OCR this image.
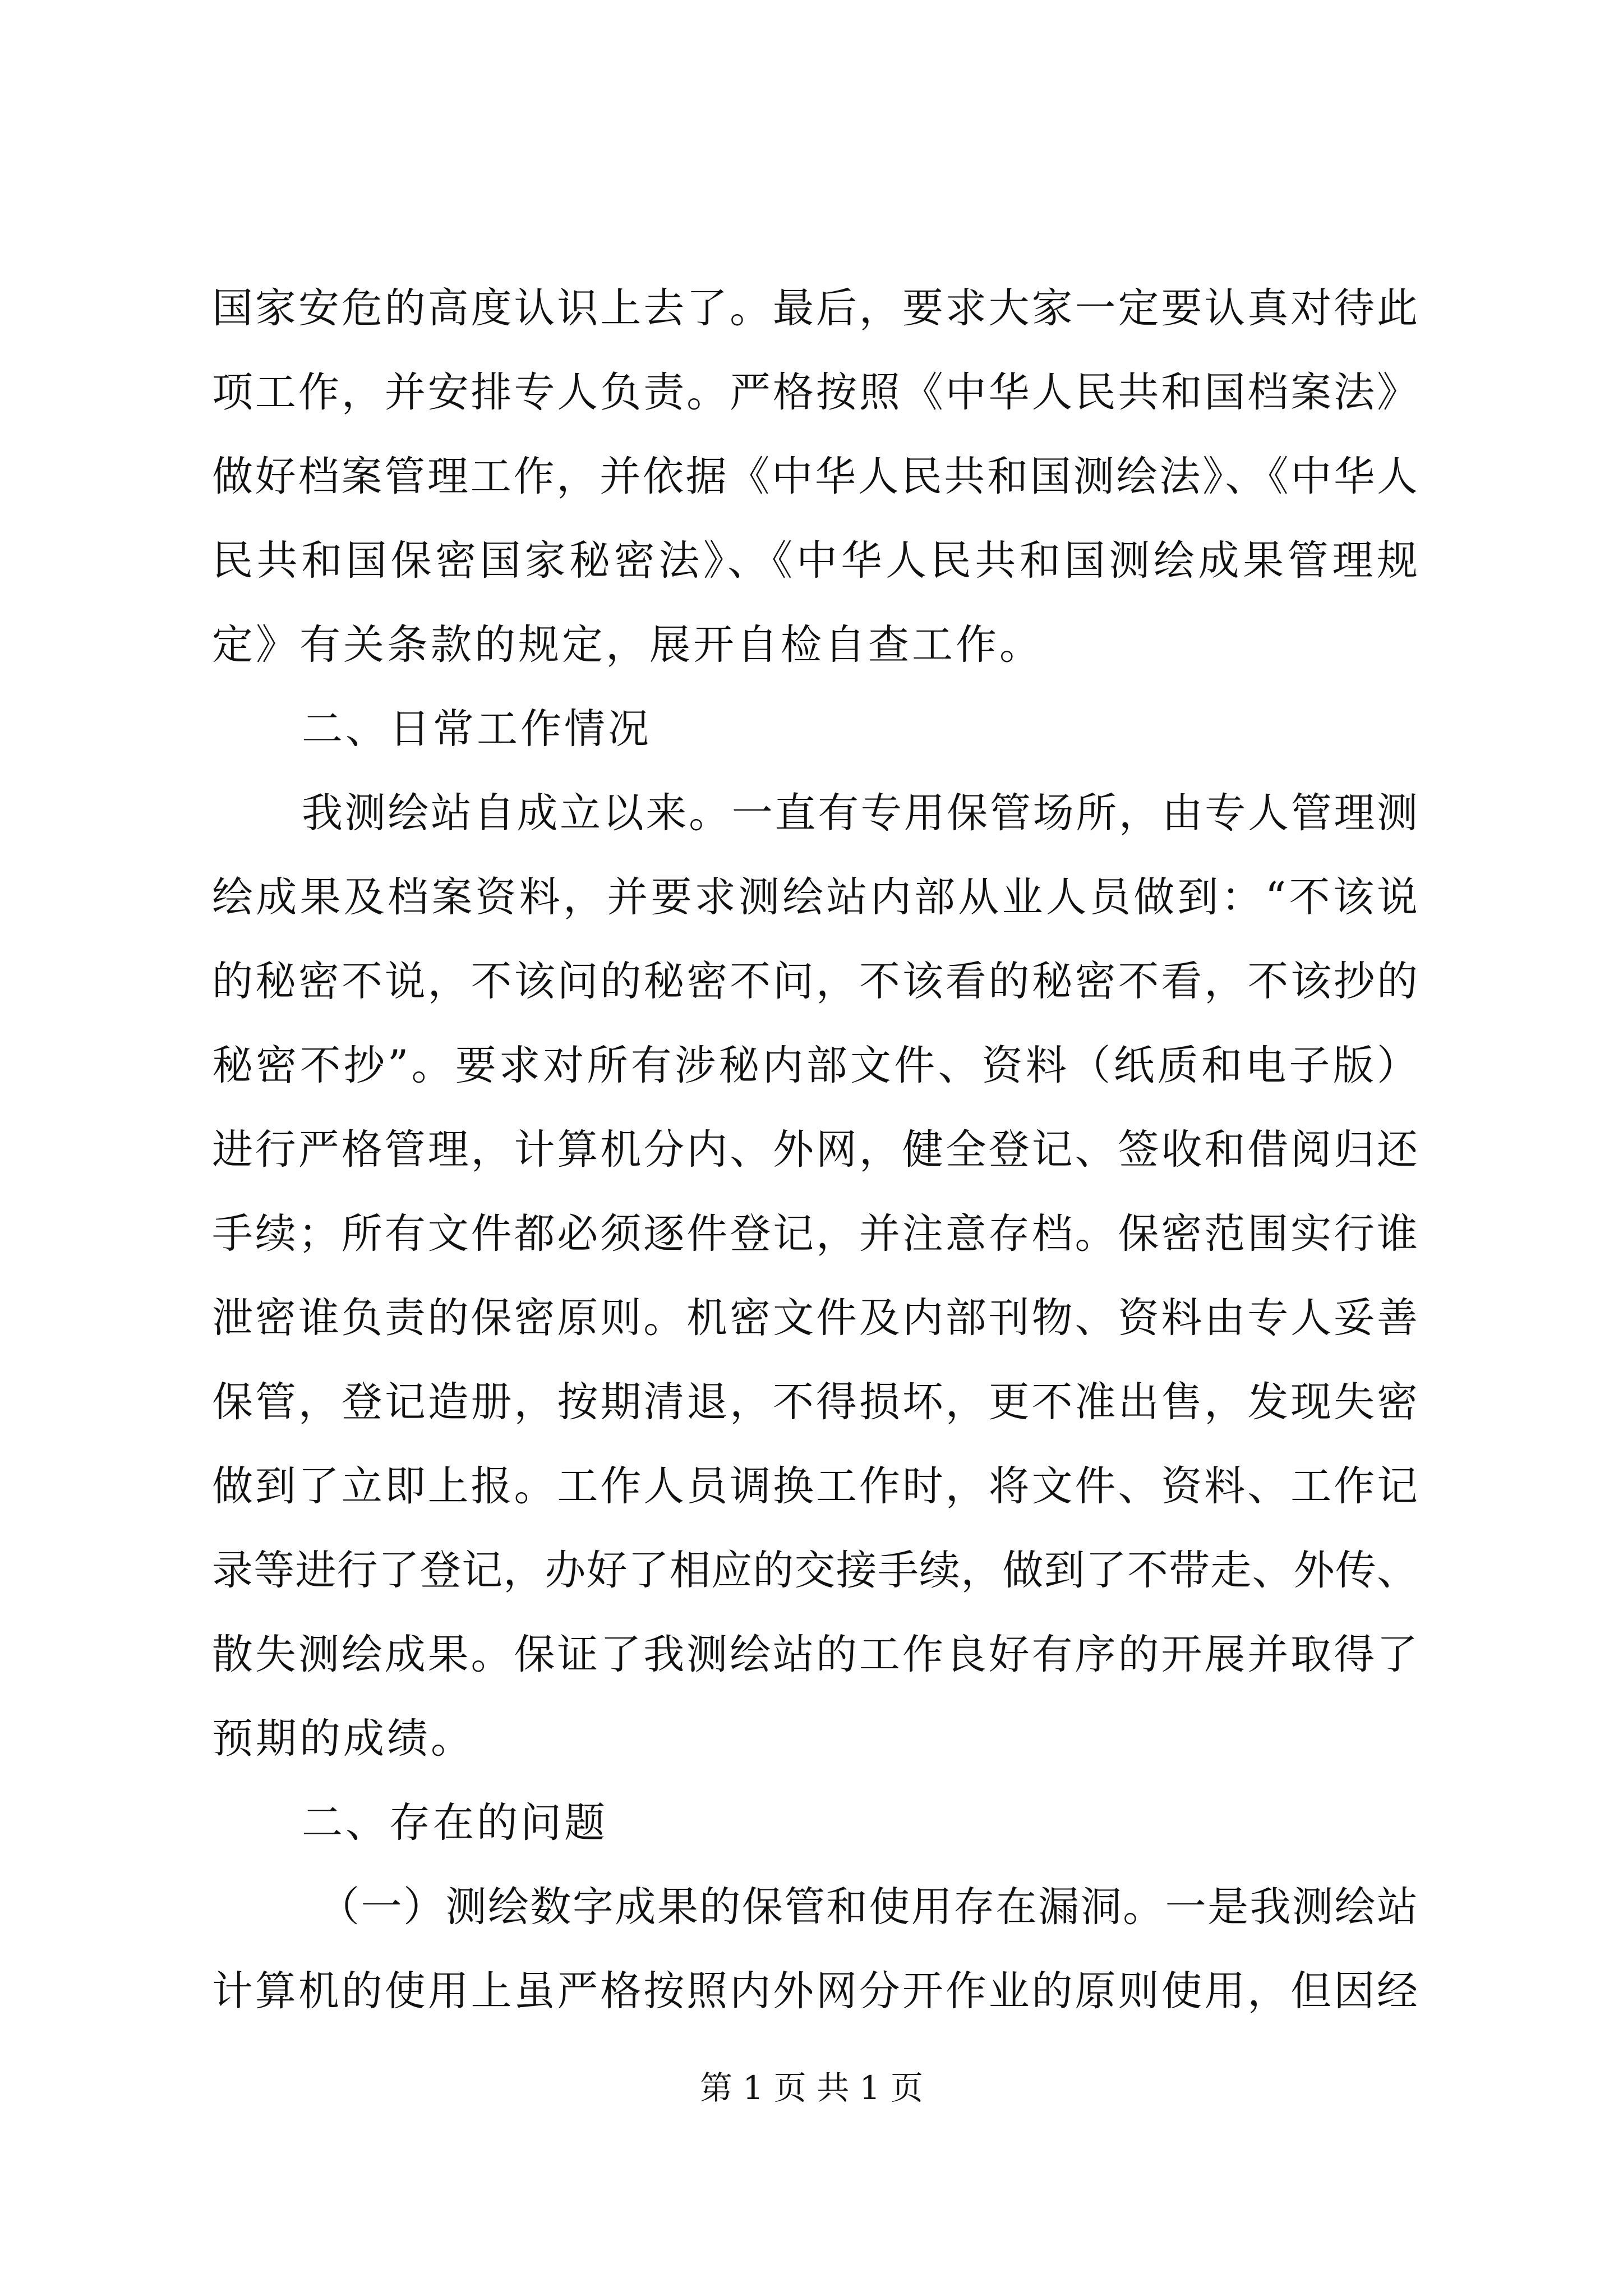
国家安危的高度认识上去了。最后，要求大家一定要认真对待此
项工作，并安排专人负责。严格按照《中华人民共和国档案法》
做好档案管理工作，并依据《中华人民共和国测绘法》、《中华人
民共和国保密国家秘密法》、《中华人民共和国测绘成果管理规
定》有关条款的规定，展开自检自查工作。
二、日常工作情况
我测绘站自成立以来。一直有专用保管场所，由专人管理测
绘成果及档案资料，并要求测绘站内部从业人员做到：“不该说
的秘密不说，不该问的秘密不问，不该看的秘密不看，不该抄的
秘密不抄”。要求对所有涉秘内部文件、资料（纸质和电子版）
进行严格管理，计算机分内、外网，健全登记、签收和借阅归还
手续；所有文件都必须逐件登记，并注意存档。保密范围实行谁
泄密谁负责的保密原则。机密文件及内部刊物、资料由专人妥善
保管，登记造册，按期清退，不得损坏，更不准出售，发现失密
做到了立即上报。工作人员调换工作时，将文件、资料、工作记
录等进行了登记，办好了相应的交接手续，做到了不带走、外传、
散失测绘成果。保证了我测绘站的工作良好有序的开展并取得了
预期的成绩。
二、存在的问题
（一）测绘数字成果的保管和使用存在漏洞。一是我测绘站
计算机的使用上虽严格按照内外网分开作业的原则使用，但因经
第 1 页 共 1 页
